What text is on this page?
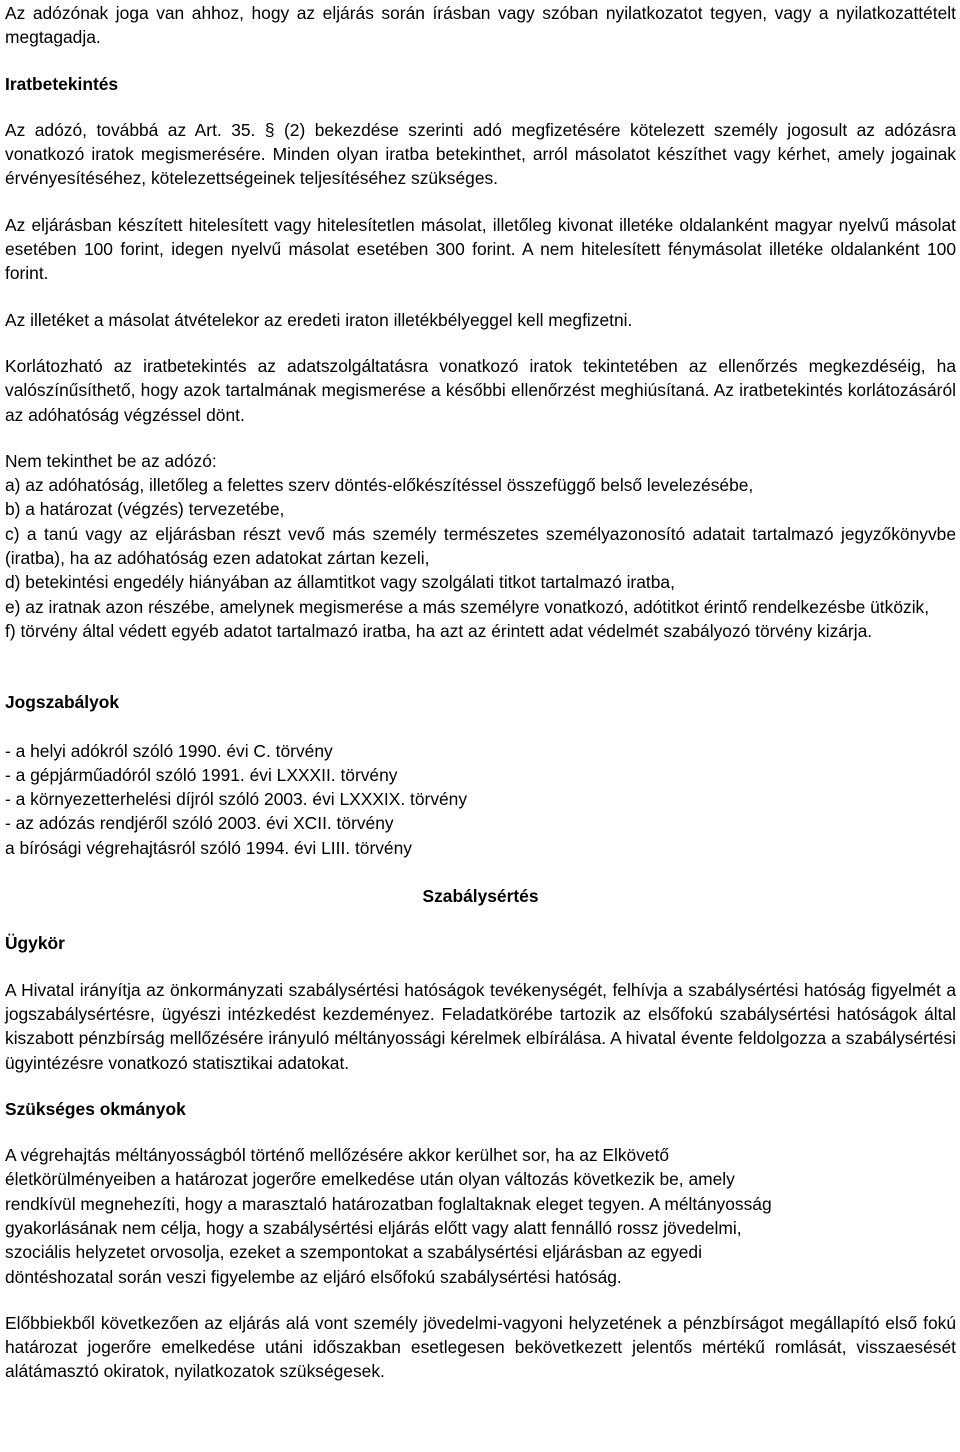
Az adózónak joga van ahhoz, hogy az eljárás során írásban vagy szóban nyilatkozatot tegyen, vagy a nyilatkozattételt megtagadja.

Iratbetekintés

Az adózó, továbbá az Art. 35. § (2) bekezdése szerinti adó megfizetésére kötelezett személy jogosult az adózásra vonatkozó iratok megismerésére. Minden olyan iratba betekinthet, arról másolatot készíthet vagy kérhet, amely jogainak érvényesítéséhez, kötelezettségeinek teljesítéséhez szükséges.

Az eljárásban készített hitelesített vagy hitelesítetlen másolat, illetőleg kivonat illetéke oldalanként magyar nyelvű másolat esetében 100 forint, idegen nyelvű másolat esetében 300 forint. A nem hitelesített fénymásolat illetéke oldalanként 100 forint.

Az illetéket a másolat átvételekor az eredeti iraton illetékbélyeggel kell megfizetni.

Korlátozható az iratbetekintés az adatszolgáltatásra vonatkozó iratok tekintetében az ellenőrzés megkezdéséig, ha valószínűsíthető, hogy azok tartalmának megismerése a későbbi ellenőrzést meghiúsítaná. Az iratbetekintés korlátozásáról az adóhatóság végzéssel dönt.

Nem tekinthet be az adózó:

a) az adóhatóság, illetőleg a felettes szerv döntés-előkészítéssel összefüggő belső levelezésébe,

b) a határozat (végzés) tervezetébe,

c) a tanú vagy az eljárásban részt vevő más személy természetes személyazonosító adatait tartalmazó jegyzőkönyvbe (iratba), ha az adóhatóság ezen adatokat zártan kezeli,

d) betekintési engedély hiányában az államtitkot vagy szolgálati titkot tartalmazó iratba,

e) az iratnak azon részébe, amelynek megismerése a más személyre vonatkozó, adótitkot érintő rendelkezésbe ütközik,

f) törvény által védett egyéb adatot tartalmazó iratba, ha azt az érintett adat védelmét szabályozó törvény kizárja.

Jogszabályok

- a helyi adókról szóló 1990. évi C. törvény

- a gépjárműadóról szóló 1991. évi LXXXII. törvény

- a környezetterhelési díjról szóló 2003. évi LXXXIX. törvény

- az adózás rendjéről szóló 2003. évi XCII. törvény

a bírósági végrehajtásról szóló 1994. évi LIII. törvény

Szabálysértés

Ügykör

A Hivatal irányítja az önkormányzati szabálysértési hatóságok tevékenységét, felhívja a szabálysértési hatóság figyelmét a jogszabálysértésre, ügyészi intézkedést kezdeményez. Feladatkörébe tartozik az elsőfokú szabálysértési hatóságok által kiszabott pénzbírság mellőzésére irányuló méltányossági kérelmek elbírálása. A hivatal évente feldolgozza a szabálysértési ügyintézésre vonatkozó statisztikai adatokat.

Szükséges okmányok

A végrehajtás méltányosságból történő mellőzésére akkor kerülhet sor, ha az Elkövető

életkörülményeiben a határozat jogerőre emelkedése után olyan változás következik be, amely

rendkívül megnehezíti, hogy a marasztaló határozatban foglaltaknak eleget tegyen. A méltányosság

gyakorlásának nem célja, hogy a szabálysértési eljárás előtt vagy alatt fennálló rossz jövedelmi,

szociális helyzetet orvosolja, ezeket a szempontokat a szabálysértési eljárásban az egyedi

döntéshozatal során veszi figyelembe az eljáró elsőfokú szabálysértési hatóság.

Előbbiekből következően az eljárás alá vont személy jövedelmi-vagyoni helyzetének a pénzbírságot megállapító első fokú határozat jogerőre emelkedése utáni időszakban esetlegesen bekövetkezett jelentős mértékű romlását, visszaesését alátámasztó okiratok, nyilatkozatok szükségesek.
